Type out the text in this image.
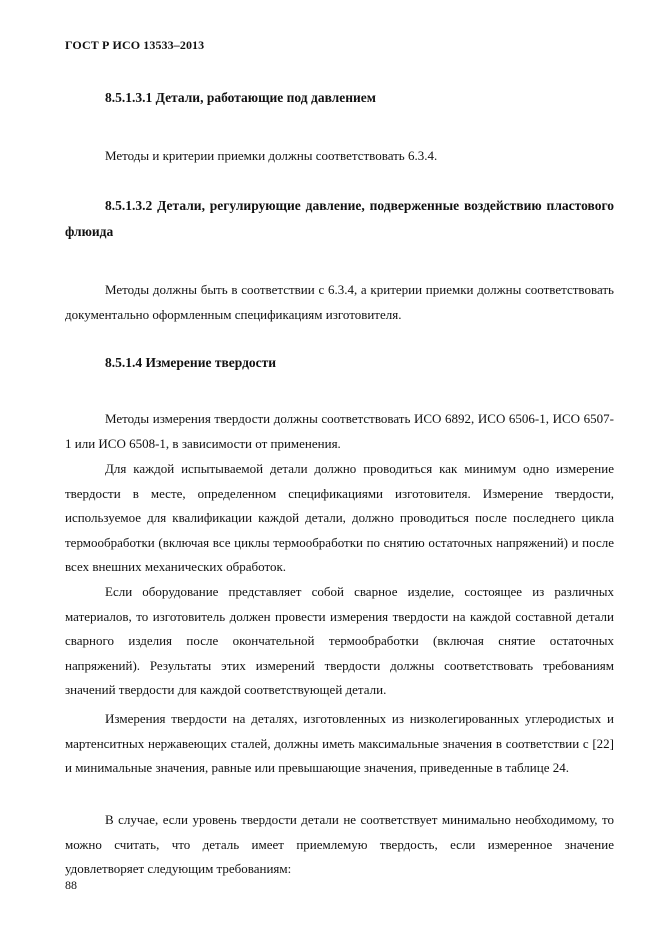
ГОСТ Р ИСО 13533–2013
8.5.1.3.1 Детали, работающие под давлением
Методы и критерии приемки должны соответствовать 6.3.4.
8.5.1.3.2 Детали, регулирующие давление, подверженные воздействию пластового флюида
Методы должны быть в соответствии с 6.3.4, а критерии приемки должны соответствовать документально оформленным спецификациям изготовителя.
8.5.1.4 Измерение твердости
Методы измерения твердости должны соответствовать ИСО 6892, ИСО 6506-1, ИСО 6507-1 или ИСО 6508-1, в зависимости от применения.
Для каждой испытываемой детали должно проводиться как минимум одно измерение твердости в месте, определенном спецификациями изготовителя. Измерение твердости, используемое для квалификации каждой детали, должно проводиться после последнего цикла термообработки (включая все циклы термообработки по снятию остаточных напряжений) и после всех внешних механических обработок.
Если оборудование представляет собой сварное изделие, состоящее из различных материалов, то изготовитель должен провести измерения твердости на каждой составной детали сварного изделия после окончательной термообработки (включая снятие остаточных напряжений). Результаты этих измерений твердости должны соответствовать требованиям значений твердости для каждой соответствующей детали.
Измерения твердости на деталях, изготовленных из низколегированных углеродистых и мартенситных нержавеющих сталей, должны иметь максимальные значения в соответствии с [22] и минимальные значения, равные или превышающие значения, приведенные в таблице 24.
В случае, если уровень твердости детали не соответствует минимально необходимому, то можно считать, что деталь имеет приемлемую твердость, если измеренное значение удовлетворяет следующим требованиям:
88
